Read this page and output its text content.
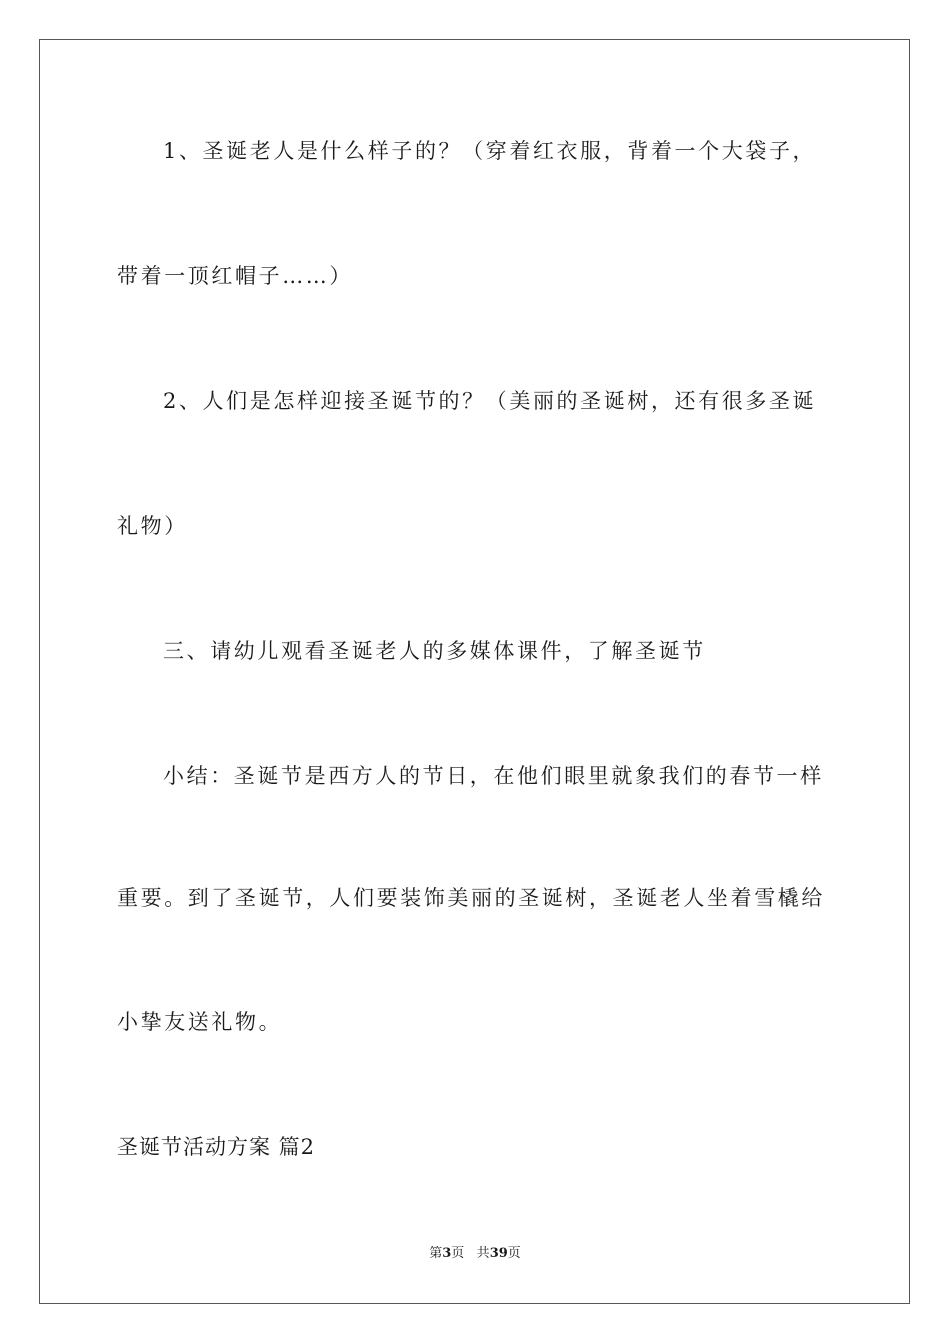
1、圣诞老人是什么样子的？（穿着红衣服，背着一个大袋子，
带着一顶红帽子……）
2、人们是怎样迎接圣诞节的？（美丽的圣诞树，还有很多圣诞
礼物）
三、请幼儿观看圣诞老人的多媒体课件，了解圣诞节
小结：圣诞节是西方人的节日，在他们眼里就象我们的春节一样
重要。到了圣诞节，人们要装饰美丽的圣诞树，圣诞老人坐着雪橇给
小挚友送礼物。
圣诞节活动方案 篇2
第3页 共39页
